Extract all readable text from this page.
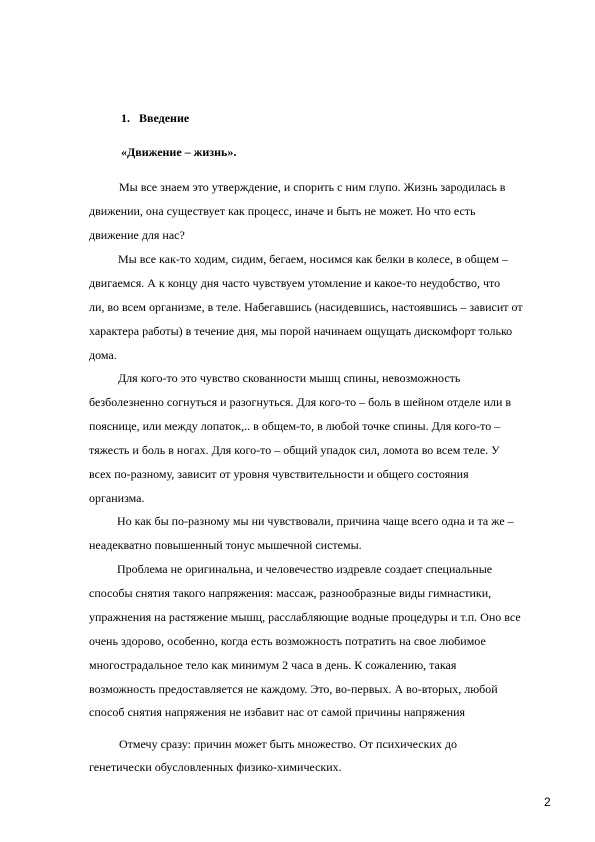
1. Введение
«Движение – жизнь».

Мы все знаем это утверждение, и спорить с ним глупо. Жизнь зародилась в

движении, она существует как процесс, иначе и быть не может. Но что есть

движение для нас?

Мы все как-то ходим, сидим, бегаем, носимся как белки в колесе, в общем –

двигаемся. А к концу дня часто чувствуем утомление и какое-то неудобство, что

ли, во всем организме, в теле. Набегавшись (насидевшись, настоявшись – зависит от

характера работы) в течение дня, мы порой начинаем ощущать дискомфорт только

дома.

Для кого-то это чувство скованности мышц спины, невозможность

безболезненно согнуться и разогнуться. Для кого-то – боль в шейном отделе или в

пояснице, или между лопаток,.. в общем-то, в любой точке спины. Для кого-то –

тяжесть и боль в ногах. Для кого-то – общий упадок сил, ломота во всем теле. У

всех по-разному, зависит от уровня чувствительности и общего состояния

организма.

Но как бы по-разному мы ни чувствовали, причина чаще всего одна и та же –

неадекватно повышенный тонус мышечной системы.

Проблема не оригинальна, и человечество издревле создает специальные

способы снятия такого напряжения: массаж, разнообразные виды гимнастики,

упражнения на растяжение мышц, расслабляющие водные процедуры и т.п. Оно все

очень здорово, особенно, когда есть возможность потратить на свое любимое

многострадальное тело как минимум 2 часа в день. К сожалению, такая

возможность предоставляется не каждому. Это, во-первых. А во-вторых, любой

способ снятия напряжения не избавит нас от самой причины напряжения

Отмечу сразу: причин может быть множество. От психических до

генетически обусловленных физико-химических.

2
